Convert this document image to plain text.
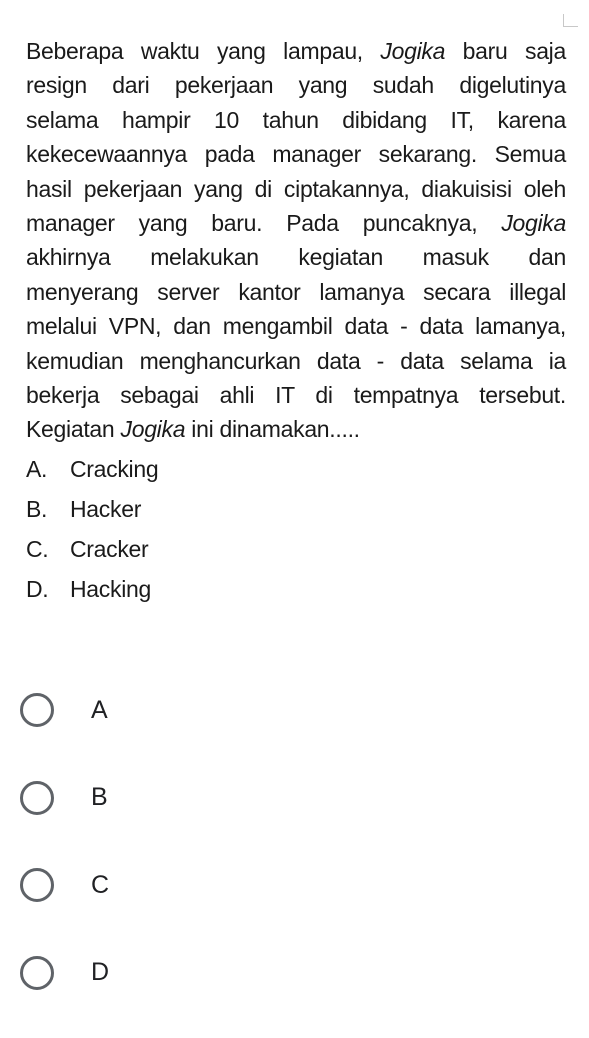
Beberapa waktu yang lampau, Jogika baru saja
resign dari pekerjaan yang sudah digelutinya
selama hampir 10 tahun dibidang IT, karena
kekecewaannya pada manager sekarang. Semua
hasil pekerjaan yang di ciptakannya, diakuisisi oleh
manager yang baru. Pada puncaknya, Jogika
akhirnya melakukan kegiatan masuk dan
menyerang server kantor lamanya secara illegal
melalui VPN, dan mengambil data - data lamanya,
kemudian menghancurkan data - data selama ia
bekerja sebagai ahli IT di tempatnya tersebut.
Kegiatan Jogika ini dinamakan.....
A. Cracking
B. Hacker
C. Cracker
D. Hacking
A
B
C
D
